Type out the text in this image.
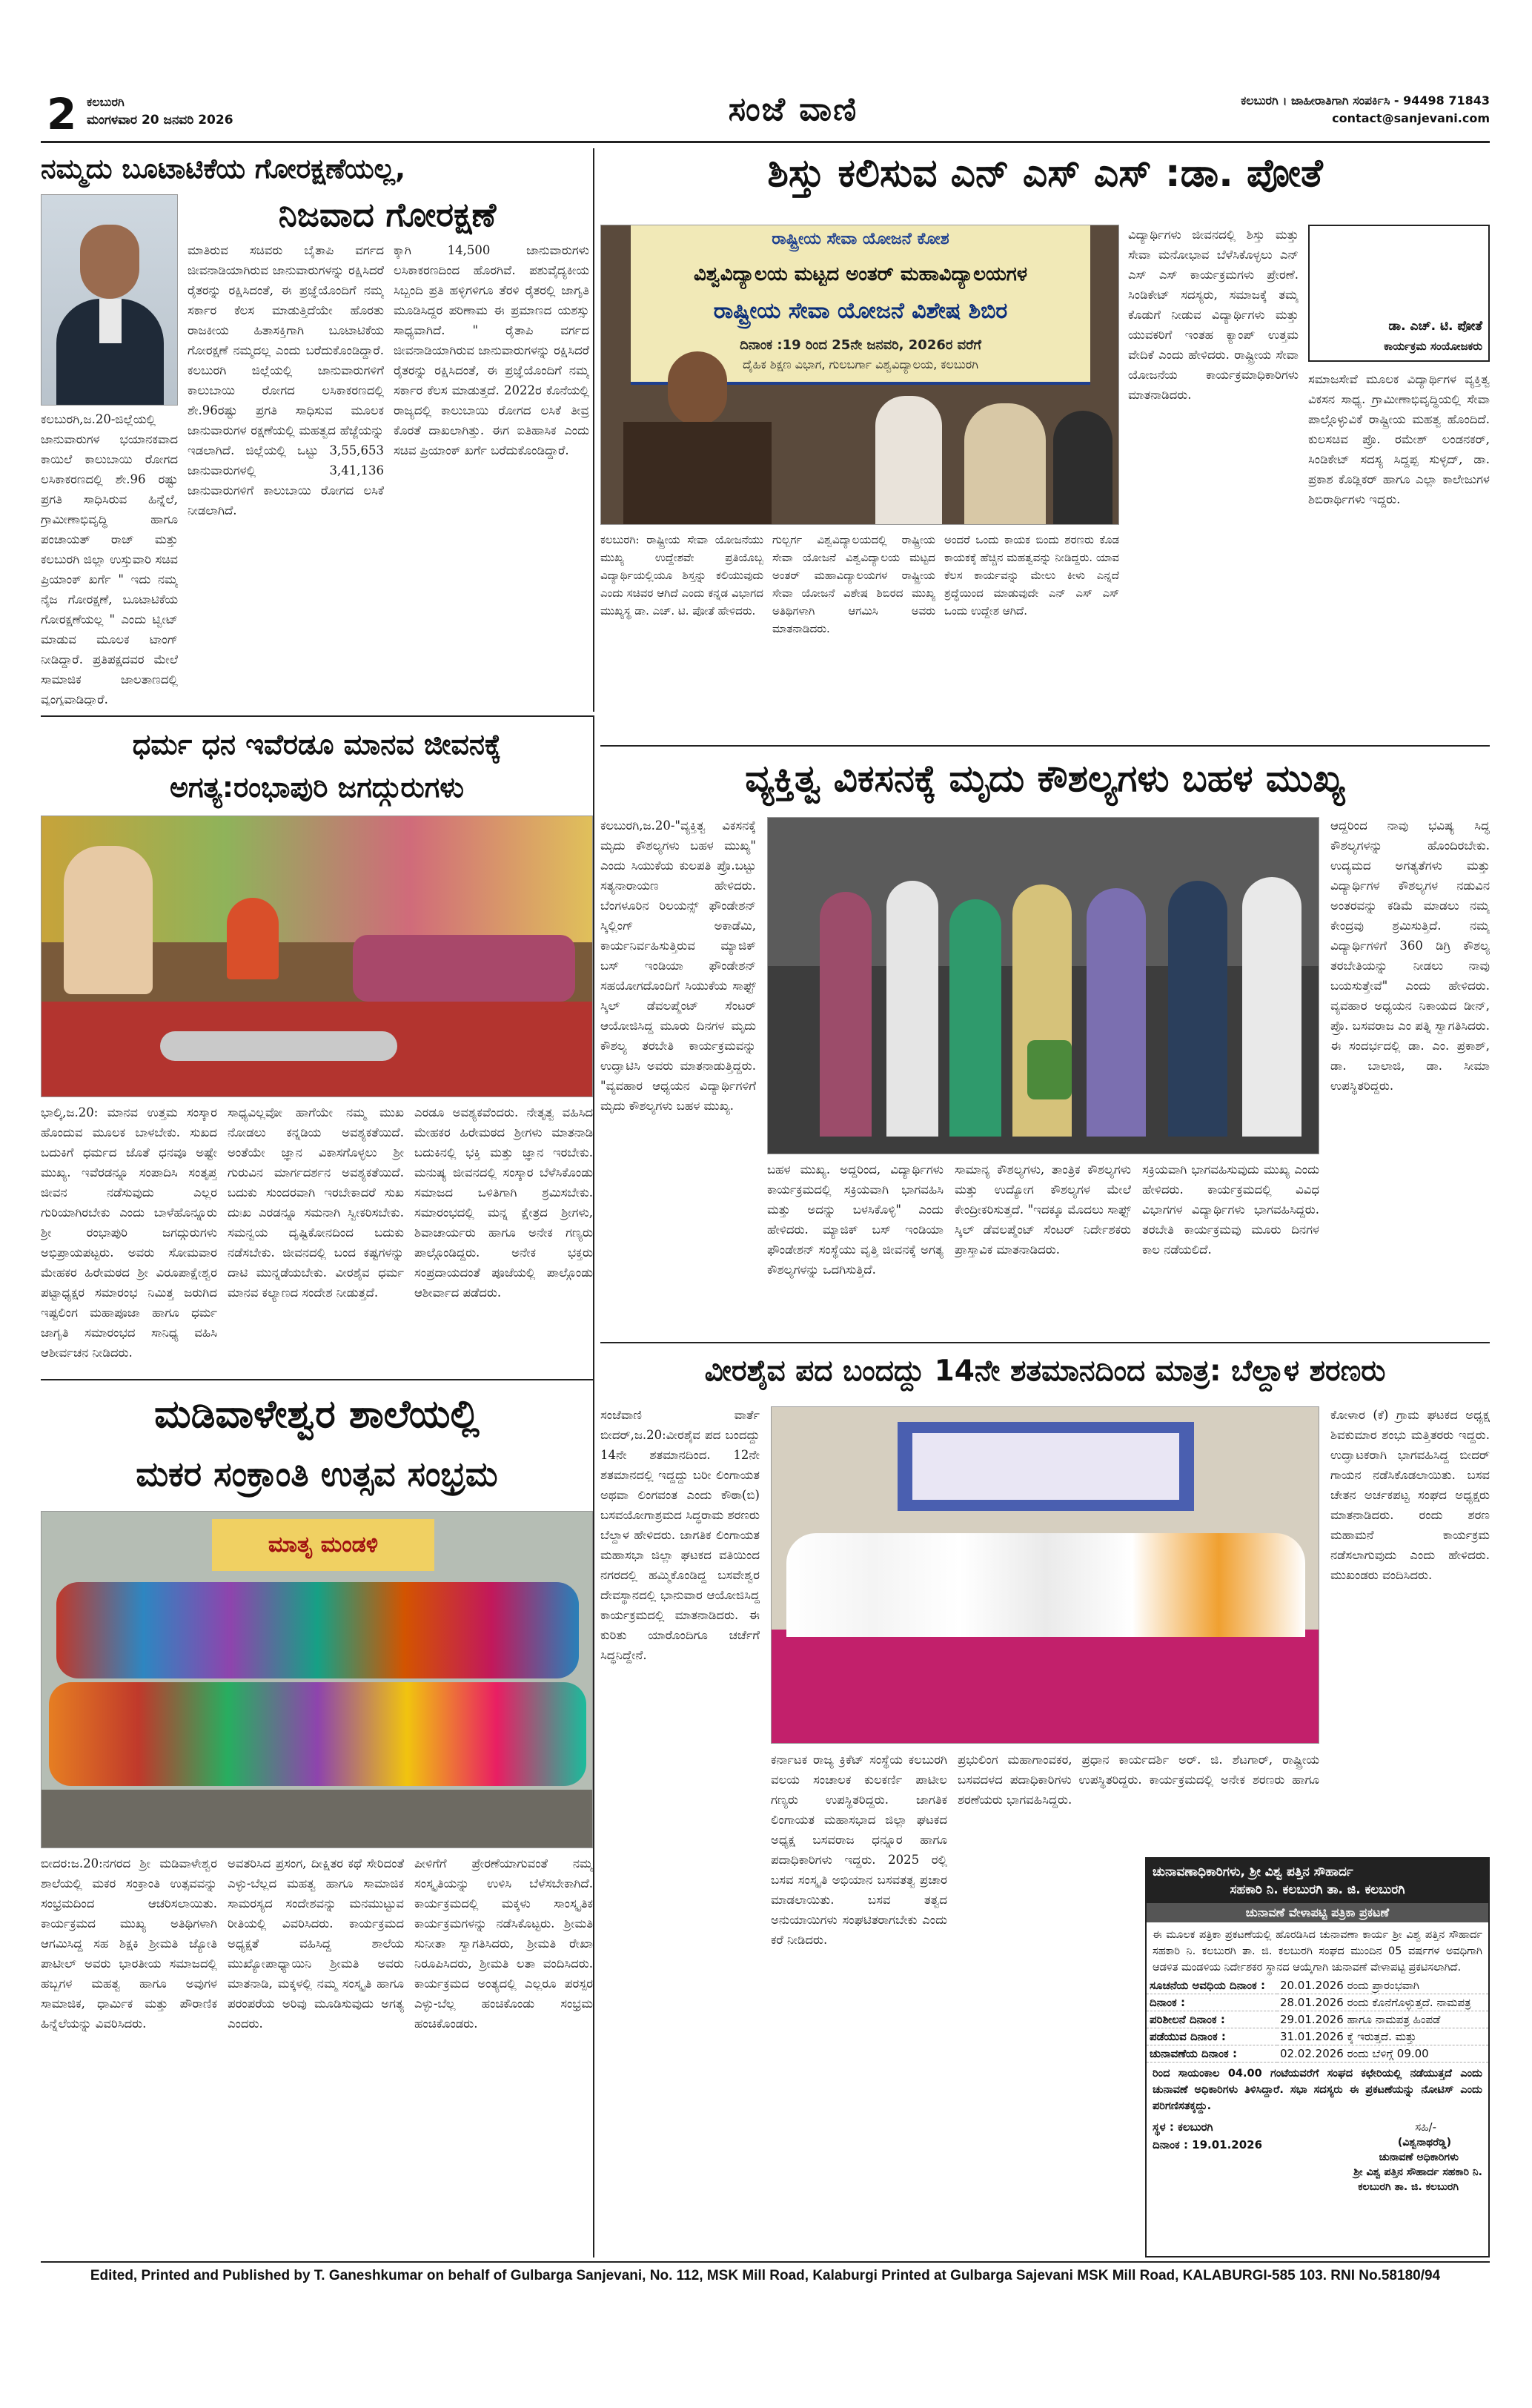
2 ಕಲಬುರಗಿ
ಮಂಗಳವಾರ 20 ಜನವರಿ 2026	ಸಂಜೆ ವಾಣಿ	ಕಲಬುರಗಿ । ಜಾಹೀರಾತಿಗಾಗಿ ಸಂಪರ್ಕಿಸಿ - 94498 71843
contact@sanjevani.com
ನಮ್ಮದು ಬೂಟಾಟಿಕೆಯ ಗೋರಕ್ಷಣೆಯಲ್ಲ,
ನಿಜವಾದ ಗೋರಕ್ಷಣೆ
ಕಲಬುರಗಿ,ಜ.20-ಜಿಲ್ಲೆಯಲ್ಲಿ ಜಾನುವಾರುಗಳ ಭಯಾನಕವಾದ ಕಾಯಿಲೆ ಕಾಲುಬಾಯಿ ರೋಗದ ಲಸಿಕಾಕರಣದಲ್ಲಿ ಶೇ.96 ರಷ್ಟು ಪ್ರಗತಿ ಸಾಧಿಸಿರುವ ಹಿನ್ನೆಲೆ, ಗ್ರಾಮೀಣಾಭಿವೃದ್ಧಿ ಹಾಗೂ ಪಂಚಾಯತ್ ರಾಜ್ ಮತ್ತು ಕಲಬುರಗಿ ಜಿಲ್ಲಾ ಉಸ್ತುವಾರಿ ಸಚಿವ ಪ್ರಿಯಾಂಕ್ ಖರ್ಗೆ " ಇದು ನಮ್ಮ ನೈಜ ಗೋರಕ್ಷಣೆ, ಬೂಟಾಟಿಕೆಯ ಗೋರಕ್ಷಣೆಯಲ್ಲ " ಎಂದು ಟ್ವೀಟ್ ಮಾಡುವ ಮೂಲಕ ಟಾಂಗ್ ನೀಡಿದ್ದಾರೆ. ಪ್ರತಿಪಕ್ಷದವರ ಮೇಲೆ ಸಾಮಾಜಿಕ ಜಾಲತಾಣದಲ್ಲಿ ವ್ಯಂಗ್ಯವಾಡಿದ್ದಾರೆ.
ಮಾತಿರುವ ಸಚಿವರು ಬೈತಾಪಿ ವರ್ಗದ ಜೀವನಾಡಿಯಾಗಿರುವ ಜಾನುವಾರುಗಳನ್ನು ರಕ್ಷಿಸಿದರೆ ರೈತರನ್ನು ರಕ್ಷಿಸಿದಂತೆ, ಈ ಪ್ರಜ್ಞೆಯೊಂದಿಗೆ ನಮ್ಮ ಸರ್ಕಾರ ಕೆಲಸ ಮಾಡುತ್ತಿದೆಯೇ ಹೊರತು ರಾಜಕೀಯ ಹಿತಾಸಕ್ತಿಗಾಗಿ ಬೂಟಾಟಿಕೆಯ ಗೋರಕ್ಷಣೆ ನಮ್ಮದಲ್ಲ ಎಂದು ಬರೆದುಕೊಂಡಿದ್ದಾರೆ. ಕಲಬುರಗಿ ಜಿಲ್ಲೆಯಲ್ಲಿ ಜಾನುವಾರುಗಳಿಗೆ ಕಾಲುಬಾಯಿ ರೋಗದ ಲಸಿಕಾಕರಣದಲ್ಲಿ ಶೇ.96ರಷ್ಟು ಪ್ರಗತಿ ಸಾಧಿಸುವ ಮೂಲಕ ಜಾನುವಾರುಗಳ ರಕ್ಷಣೆಯಲ್ಲಿ ಮಹತ್ವದ ಹೆಜ್ಜೆಯನ್ನು ಇಡಲಾಗಿದೆ. ಜಿಲ್ಲೆಯಲ್ಲಿ ಒಟ್ಟು 3,55,653 ಜಾನುವಾರುಗಳಲ್ಲಿ 3,41,136 ಜಾನುವಾರುಗಳಿಗೆ ಕಾಲುಬಾಯಿ ರೋಗದ ಲಸಿಕೆ ನೀಡಲಾಗಿದೆ.
ಕ್ಕಾಗಿ 14,500 ಜಾನುವಾರುಗಳು ಲಸಿಕಾಕರಣದಿಂದ ಹೊರಗಿವೆ. ಪಶುವೈದ್ಯಕೀಯ ಸಿಬ್ಬಂದಿ ಪ್ರತಿ ಹಳ್ಳಿಗಳಿಗೂ ತೆರಳಿ ರೈತರಲ್ಲಿ ಜಾಗೃತಿ ಮೂಡಿಸಿದ್ದರ ಪರಿಣಾಮ ಈ ಪ್ರಮಾಣದ ಯಶಸ್ಸು ಸಾಧ್ಯವಾಗಿದೆ. " ರೈತಾಪಿ ವರ್ಗದ ಜೀವನಾಡಿಯಾಗಿರುವ ಜಾನುವಾರುಗಳನ್ನು ರಕ್ಷಿಸಿದರೆ ರೈತರನ್ನು ರಕ್ಷಿಸಿದಂತೆ, ಈ ಪ್ರಜ್ಞೆಯೊಂದಿಗೆ ನಮ್ಮ ಸರ್ಕಾರ ಕೆಲಸ ಮಾಡುತ್ತದೆ. 2022ರ ಕೊನೆಯಲ್ಲಿ ರಾಜ್ಯದಲ್ಲಿ ಕಾಲುಬಾಯಿ ರೋಗದ ಲಸಿಕೆ ತೀವ್ರ ಕೊರತೆ ದಾಖಲಾಗಿತ್ತು. ಈಗ ಐತಿಹಾಸಿಕ ಎಂದು ಸಚಿವ ಪ್ರಿಯಾಂಕ್ ಖರ್ಗೆ ಬರೆದುಕೊಂಡಿದ್ದಾರೆ.
ಶಿಸ್ತು ಕಲಿಸುವ ಎನ್ ಎಸ್ ಎಸ್ :ಡಾ. ಪೋತೆ
ರಾಷ್ಟ್ರೀಯ ಸೇವಾ ಯೋಜನೆ ಕೋಶ
ವಿಶ್ವವಿದ್ಯಾಲಯ ಮಟ್ಟದ ಅಂತರ್ ಮಹಾವಿದ್ಯಾಲಯಗಳ
ರಾಷ್ಟ್ರೀಯ ಸೇವಾ ಯೋಜನೆ ವಿಶೇಷ ಶಿಬಿರ
ದಿನಾಂಕ :19 ರಿಂದ 25ನೇ ಜನವರಿ, 2026ರ ವರೆಗೆ
ದೈಹಿಕ ಶಿಕ್ಷಣ ವಿಭಾಗ, ಗುಲಬರ್ಗಾ ವಿಶ್ವವಿದ್ಯಾಲಯ, ಕಲಬುರಗಿ
ಕಲಬುರಗಿ: ರಾಷ್ಟ್ರೀಯ ಸೇವಾ ಯೋಜನೆಯು ಮುಖ್ಯ ಉದ್ದೇಶವೇ ಪ್ರತಿಯೊಬ್ಬ ವಿದ್ಯಾರ್ಥಿಯಲ್ಲಿಯೂ ಶಿಸ್ತನ್ನು ಕಲಿಯುವುದು ಎಂದು ಸಚಿವರ ಆಗಿದೆ ಎಂದು ಕನ್ನಡ ವಿಭಾಗದ ಮುಖ್ಯಸ್ಥ ಡಾ. ಎಚ್. ಟಿ. ಪೋತೆ ಹೇಳಿದರು.
ಗುಲ್ಬರ್ಗ ವಿಶ್ವವಿದ್ಯಾಲಯದಲ್ಲಿ ರಾಷ್ಟ್ರೀಯ ಸೇವಾ ಯೋಜನೆ ವಿಶ್ವವಿದ್ಯಾಲಯ ಮಟ್ಟದ ಅಂತರ್ ಮಹಾವಿದ್ಯಾಲಯಗಳ ರಾಷ್ಟ್ರೀಯ ಸೇವಾ ಯೋಜನೆ ವಿಶೇಷ ಶಿಬಿರದ ಮುಖ್ಯ ಅತಿಥಿಗಳಾಗಿ ಆಗಮಿಸಿ ಅವರು ಮಾತನಾಡಿದರು.
ಅಂದರೆ ಒಂದು ಕಾಯಕ ಬಿಂದು ಶರಣರು ಕೊಡ ಕಾಯಕಕ್ಕೆ ಹೆಚ್ಚಿನ ಮಹತ್ವವನ್ನು ನೀಡಿದ್ದರು. ಯಾವ ಕೆಲಸ ಕಾರ್ಯವನ್ನು ಮೇಲು ಕೀಳು ಎನ್ನದೆ ಶ್ರದ್ಧೆಯಿಂದ ಮಾಡುವುದೇ ಎನ್ ಎಸ್ ಎಸ್ ಒಂದು ಉದ್ದೇಶ ಆಗಿದೆ.
ವಿದ್ಯಾರ್ಥಿಗಳು ಜೀವನದಲ್ಲಿ ಶಿಸ್ತು ಮತ್ತು ಸೇವಾ ಮನೋಭಾವ ಬೆಳೆಸಿಕೊಳ್ಳಲು ಎನ್ ಎಸ್ ಎಸ್ ಕಾರ್ಯಕ್ರಮಗಳು ಪ್ರೇರಣೆ. ಸಿಂಡಿಕೇಟ್ ಸದಸ್ಯರು, ಸಮಾಜಕ್ಕೆ ತಮ್ಮ ಕೊಡುಗೆ ನೀಡುವ ವಿದ್ಯಾರ್ಥಿಗಳು ಮತ್ತು ಯುವಕರಿಗೆ ಇಂತಹ ಕ್ಯಾಂಪ್ ಉತ್ತಮ ವೇದಿಕೆ ಎಂದು ಹೇಳಿದರು. ರಾಷ್ಟ್ರೀಯ ಸೇವಾ ಯೋಜನೆಯ ಕಾರ್ಯಕ್ರಮಾಧಿಕಾರಿಗಳು ಮಾತನಾಡಿದರು.
ಸಮಾಜಸೇವೆ ಮೂಲಕ ವಿದ್ಯಾರ್ಥಿಗಳ ವ್ಯಕ್ತಿತ್ವ ವಿಕಸನ ಸಾಧ್ಯ. ಗ್ರಾಮೀಣಾಭಿವೃದ್ಧಿಯಲ್ಲಿ ಸೇವಾ ಪಾಲ್ಗೊಳ್ಳುವಿಕೆ ರಾಷ್ಟ್ರೀಯ ಮಹತ್ವ ಹೊಂದಿದೆ. ಕುಲಸಚಿವ ಪ್ರೊ. ರಮೇಶ್ ಲಂಡನಕರ್, ಸಿಂಡಿಕೇಟ್ ಸದಸ್ಯ ಸಿದ್ದಪ್ಪ ಸುಳ್ಳದ್, ಡಾ. ಪ್ರಕಾಶ ಕೊಡ್ಲಿಕರ್ ಹಾಗೂ ಎಲ್ಲಾ ಕಾಲೇಜುಗಳ ಶಿಬಿರಾರ್ಥಿಗಳು ಇದ್ದರು.
ಡಾ. ಎಚ್. ಟಿ. ಪೋತೆ
ಕಾರ್ಯಕ್ರಮ ಸಂಯೋಜಕರು
ಧರ್ಮ ಧನ ಇವೆರಡೂ ಮಾನವ ಜೀವನಕ್ಕೆ
ಅಗತ್ಯ:ರಂಭಾಪುರಿ ಜಗದ್ಗುರುಗಳು
ಭಾಲ್ಕಿ,ಜ.20: ಮಾನವ ಉತ್ತಮ ಸಂಸ್ಕಾರ ಹೊಂದುವ ಮೂಲಕ ಬಾಳಬೇಕು. ಸುಖದ ಬದುಕಿಗೆ ಧರ್ಮದ ಜೊತೆ ಧನವೂ ಅಷ್ಟೇ ಮುಖ್ಯ. ಇವೆರಡನ್ನೂ ಸಂಪಾದಿಸಿ ಸಂತೃಪ್ತ ಜೀವನ ನಡೆಸುವುದು ಎಲ್ಲರ ಗುರಿಯಾಗಿರಬೇಕು ಎಂದು ಬಾಳೆಹೊನ್ನೂರು ಶ್ರೀ ರಂಭಾಪುರಿ ಜಗದ್ಗುರುಗಳು ಅಭಿಪ್ರಾಯಪಟ್ಟರು. ಅವರು ಸೋಮವಾರ ಮೇಹಕರ ಹಿರೇಮಠದ ಶ್ರೀ ವಿರೂಪಾಕ್ಷೇಶ್ವರ ಪಟ್ಟಾಧ್ಯಕ್ಷರ ಸಮಾರಂಭ ನಿಮಿತ್ತ ಜರುಗಿದ ಇಷ್ಟಲಿಂಗ ಮಹಾಪೂಜಾ ಹಾಗೂ ಧರ್ಮ ಜಾಗೃತಿ ಸಮಾರಂಭದ ಸಾನಿಧ್ಯ ವಹಿಸಿ ಆಶೀರ್ವಚನ ನೀಡಿದರು.
ಸಾಧ್ಯವಿಲ್ಲವೋ ಹಾಗೆಯೇ ನಮ್ಮ ಮುಖ ನೋಡಲು ಕನ್ನಡಿಯ ಅವಶ್ಯಕತೆಯಿದೆ. ಅಂತೆಯೇ ಜ್ಞಾನ ವಿಕಾಸಗೊಳ್ಳಲು ಶ್ರೀ ಗುರುವಿನ ಮಾರ್ಗದರ್ಶನ ಅವಶ್ಯಕತೆಯಿದೆ. ಬದುಕು ಸುಂದರವಾಗಿ ಇರಬೇಕಾದರೆ ಸುಖ ದುಃಖ ಎರಡನ್ನೂ ಸಮನಾಗಿ ಸ್ವೀಕರಿಸಬೇಕು. ಸಮನ್ವಯ ದೃಷ್ಟಿಕೋನದಿಂದ ಬದುಕು ನಡೆಸಬೇಕು. ಜೀವನದಲ್ಲಿ ಬಂದ ಕಷ್ಟಗಳನ್ನು ದಾಟಿ ಮುನ್ನಡೆಯಬೇಕು. ವೀರಶೈವ ಧರ್ಮ ಮಾನವ ಕಲ್ಯಾಣದ ಸಂದೇಶ ನೀಡುತ್ತದೆ.
ಎರಡೂ ಅವಶ್ಯಕವೆಂದರು. ನೇತೃತ್ವ ವಹಿಸಿದ ಮೇಹಕರ ಹಿರೇಮಠದ ಶ್ರೀಗಳು ಮಾತನಾಡಿ ಬದುಕಿನಲ್ಲಿ ಭಕ್ತಿ ಮತ್ತು ಜ್ಞಾನ ಇರಬೇಕು. ಮನುಷ್ಯ ಜೀವನದಲ್ಲಿ ಸಂಸ್ಕಾರ ಬೆಳೆಸಿಕೊಂಡು ಸಮಾಜದ ಒಳಿತಿಗಾಗಿ ಶ್ರಮಿಸಬೇಕು. ಸಮಾರಂಭದಲ್ಲಿ ಮನ್ನ ಕ್ಷೇತ್ರದ ಶ್ರೀಗಳು, ಶಿವಾಚಾರ್ಯರು ಹಾಗೂ ಅನೇಕ ಗಣ್ಯರು ಪಾಲ್ಗೊಂಡಿದ್ದರು. ಅನೇಕ ಭಕ್ತರು ಸಂಪ್ರದಾಯದಂತೆ ಪೂಜೆಯಲ್ಲಿ ಪಾಲ್ಗೊಂಡು ಆಶೀರ್ವಾದ ಪಡೆದರು.
ಮಡಿವಾಳೇಶ್ವರ ಶಾಲೆಯಲ್ಲಿ
ಮಕರ ಸಂಕ್ರಾಂತಿ ಉತ್ಸವ ಸಂಭ್ರಮ
ಮಾತೃ ಮಂಡಳಿ
ಬೀದರ:ಜ.20:ನಗರದ ಶ್ರೀ ಮಡಿವಾಳೇಶ್ವರ ಶಾಲೆಯಲ್ಲಿ ಮಕರ ಸಂಕ್ರಾಂತಿ ಉತ್ಸವವನ್ನು ಸಂಭ್ರಮದಿಂದ ಆಚರಿಸಲಾಯಿತು. ಕಾರ್ಯಕ್ರಮದ ಮುಖ್ಯ ಅತಿಥಿಗಳಾಗಿ ಆಗಮಿಸಿದ್ದ ಸಹ ಶಿಕ್ಷಕಿ ಶ್ರೀಮತಿ ಜ್ಯೋತಿ ಪಾಟೀಲ್ ಅವರು ಭಾರತೀಯ ಸಮಾಜದಲ್ಲಿ ಹಬ್ಬಗಳ ಮಹತ್ವ ಹಾಗೂ ಅವುಗಳ ಸಾಮಾಜಿಕ, ಧಾರ್ಮಿಕ ಮತ್ತು ಪೌರಾಣಿಕ ಹಿನ್ನೆಲೆಯನ್ನು ವಿವರಿಸಿದರು.
ಅವತರಿಸಿದ ಪ್ರಸಂಗ, ದೀಕ್ಷಿತರ ಕಥೆ ಸೇರಿದಂತೆ ಎಳ್ಳು-ಬೆಲ್ಲದ ಮಹತ್ವ ಹಾಗೂ ಸಾಮಾಜಿಕ ಸಾಮರಸ್ಯದ ಸಂದೇಶವನ್ನು ಮನಮುಟ್ಟುವ ರೀತಿಯಲ್ಲಿ ವಿವರಿಸಿದರು. ಕಾರ್ಯಕ್ರಮದ ಅಧ್ಯಕ್ಷತೆ ವಹಿಸಿದ್ದ ಶಾಲೆಯ ಮುಖ್ಯೋಪಾಧ್ಯಾಯಿನಿ ಶ್ರೀಮತಿ ಅವರು ಮಾತನಾಡಿ, ಮಕ್ಕಳಲ್ಲಿ ನಮ್ಮ ಸಂಸ್ಕೃತಿ ಹಾಗೂ ಪರಂಪರೆಯ ಅರಿವು ಮೂಡಿಸುವುದು ಅಗತ್ಯ ಎಂದರು.
ಪೀಳಿಗೆಗೆ ಪ್ರೇರಣೆಯಾಗುವಂತೆ ನಮ್ಮ ಸಂಸ್ಕೃತಿಯನ್ನು ಉಳಿಸಿ ಬೆಳೆಸಬೇಕಾಗಿದೆ. ಕಾರ್ಯಕ್ರಮದಲ್ಲಿ ಮಕ್ಕಳು ಸಾಂಸ್ಕೃತಿಕ ಕಾರ್ಯಕ್ರಮಗಳನ್ನು ನಡೆಸಿಕೊಟ್ಟರು. ಶ್ರೀಮತಿ ಸುನೀತಾ ಸ್ವಾಗತಿಸಿದರು, ಶ್ರೀಮತಿ ರೇಖಾ ನಿರೂಪಿಸಿದರು, ಶ್ರೀಮತಿ ಲತಾ ವಂದಿಸಿದರು. ಕಾರ್ಯಕ್ರಮದ ಅಂತ್ಯದಲ್ಲಿ ಎಲ್ಲರೂ ಪರಸ್ಪರ ಎಳ್ಳು-ಬೆಲ್ಲ ಹಂಚಿಕೊಂಡು ಸಂಭ್ರಮ ಹಂಚಿಕೊಂಡರು.
ವ್ಯಕ್ತಿತ್ವ ವಿಕಸನಕ್ಕೆ ಮೃದು ಕೌಶಲ್ಯಗಳು ಬಹಳ ಮುಖ್ಯ
ಕಲಬುರಗಿ,ಜ.20-"ವ್ಯಕ್ತಿತ್ವ ವಿಕಸನಕ್ಕೆ ಮೃದು ಕೌಶಲ್ಯಗಳು ಬಹಳ ಮುಖ್ಯ" ಎಂದು ಸಿಯುಕೆಯ ಕುಲಪತಿ ಪ್ರೊ.ಬಟ್ಟು ಸತ್ಯನಾರಾಯಣ ಹೇಳಿದರು. ಬೆಂಗಳೂರಿನ ರಿಲಯನ್ಸ್ ಫೌಂಡೇಶನ್ ಸ್ಕಿಲ್ಲಿಂಗ್ ಅಕಾಡೆಮಿ, ಕಾರ್ಯನಿರ್ವಹಿಸುತ್ತಿರುವ ಮ್ಯಾಜಿಕ್ ಬಸ್ ಇಂಡಿಯಾ ಫೌಂಡೇಶನ್ ಸಹಯೋಗದೊಂದಿಗೆ ಸಿಯುಕೆಯ ಸಾಫ್ಟ್ ಸ್ಕಿಲ್ ಡೆವಲಪ್ಮೆಂಟ್ ಸೆಂಟರ್ ಆಯೋಜಿಸಿದ್ದ ಮೂರು ದಿನಗಳ ಮೃದು ಕೌಶಲ್ಯ ತರಬೇತಿ ಕಾರ್ಯಕ್ರಮವನ್ನು ಉದ್ಘಾಟಿಸಿ ಅವರು ಮಾತನಾಡುತ್ತಿದ್ದರು. "ವ್ಯವಹಾರ ಆಧ್ಯಯನ ವಿದ್ಯಾರ್ಥಿಗಳಿಗೆ ಮೃದು ಕೌಶಲ್ಯಗಳು ಬಹಳ ಮುಖ್ಯ.
ಆದ್ದರಿಂದ ನಾವು ಭವಿಷ್ಯ ಸಿದ್ಧ ಕೌಶಲ್ಯಗಳನ್ನು ಹೊಂದಿರಬೇಕು. ಉದ್ಯಮದ ಅಗತ್ಯತೆಗಳು ಮತ್ತು ವಿದ್ಯಾರ್ಥಿಗಳ ಕೌಶಲ್ಯಗಳ ನಡುವಿನ ಅಂತರವನ್ನು ಕಡಿಮೆ ಮಾಡಲು ನಮ್ಮ ಕೇಂದ್ರವು ಶ್ರಮಿಸುತ್ತಿದೆ. ನಮ್ಮ ವಿದ್ಯಾರ್ಥಿಗಳಿಗೆ 360 ಡಿಗ್ರಿ ಕೌಶಲ್ಯ ತರಬೇತಿಯನ್ನು ನೀಡಲು ನಾವು ಬಯಸುತ್ತೇವೆ" ಎಂದು ಹೇಳಿದರು. ವ್ಯವಹಾರ ಅಧ್ಯಯನ ನಿಕಾಯದ ಡೀನ್, ಪ್ರೊ. ಬಸವರಾಜ ಎಂ ಪತ್ನಿ ಸ್ವಾಗತಿಸಿದರು. ಈ ಸಂದರ್ಭದಲ್ಲಿ ಡಾ. ಎಂ. ಪ್ರಕಾಶ್, ಡಾ. ಬಾಲಾಜಿ, ಡಾ. ಸೀಮಾ ಉಪಸ್ಥಿತರಿದ್ದರು.
ಬಹಳ ಮುಖ್ಯ. ಅದ್ದರಿಂದ, ವಿದ್ಯಾರ್ಥಿಗಳು ಕಾರ್ಯಕ್ರಮದಲ್ಲಿ ಸಕ್ರಿಯವಾಗಿ ಭಾಗವಹಿಸಿ ಮತ್ತು ಅದನ್ನು ಬಳಸಿಕೊಳ್ಳಿ" ಎಂದು ಹೇಳಿದರು. ಮ್ಯಾಜಿಕ್ ಬಸ್ ಇಂಡಿಯಾ ಫೌಂಡೇಶನ್ ಸಂಸ್ಥೆಯು ವೃತ್ತಿ ಜೀವನಕ್ಕೆ ಅಗತ್ಯ ಕೌಶಲ್ಯಗಳನ್ನು ಒದಗಿಸುತ್ತಿದೆ.
ಸಾಮಾನ್ಯ ಕೌಶಲ್ಯಗಳು, ತಾಂತ್ರಿಕ ಕೌಶಲ್ಯಗಳು ಮತ್ತು ಉದ್ಯೋಗ ಕೌಶಲ್ಯಗಳ ಮೇಲೆ ಕೇಂದ್ರೀಕರಿಸುತ್ತದೆ. "ಇದಕ್ಕೂ ಮೊದಲು ಸಾಫ್ಟ್ ಸ್ಕಿಲ್ ಡೆವಲಪ್ಮೆಂಟ್ ಸೆಂಟರ್ ನಿರ್ದೇಶಕರು ಪ್ರಾಸ್ತಾವಿಕ ಮಾತನಾಡಿದರು.
ಸಕ್ರಿಯವಾಗಿ ಭಾಗವಹಿಸುವುದು ಮುಖ್ಯ ಎಂದು ಹೇಳಿದರು. ಕಾರ್ಯಕ್ರಮದಲ್ಲಿ ವಿವಿಧ ವಿಭಾಗಗಳ ವಿದ್ಯಾರ್ಥಿಗಳು ಭಾಗವಹಿಸಿದ್ದರು. ತರಬೇತಿ ಕಾರ್ಯಕ್ರಮವು ಮೂರು ದಿನಗಳ ಕಾಲ ನಡೆಯಲಿದೆ.
ವೀರಶೈವ ಪದ ಬಂದದ್ದು 14ನೇ ಶತಮಾನದಿಂದ ಮಾತ್ರ: ಬೆಲ್ದಾಳ ಶರಣರು
ಸಂಜೆವಾಣಿ ವಾರ್ತೆ ಬೀದರ್,ಜ.20:ವೀರಶೈವ ಪದ ಬಂದದ್ದು 14ನೇ ಶತಮಾನದಿಂದ. 12ನೇ ಶತಮಾನದಲ್ಲಿ ಇದ್ದದ್ದು ಬರೀ ಲಿಂಗಾಯತ ಅಥವಾ ಲಿಂಗವಂತ ಎಂದು ಕೌಠಾ(ಬಿ) ಬಸವಯೋಗಾಶ್ರಮದ ಸಿದ್ಧರಾಮ ಶರಣರು ಬೆಲ್ದಾಳ ಹೇಳಿದರು. ಜಾಗತಿಕ ಲಿಂಗಾಯತ ಮಹಾಸಭಾ ಜಿಲ್ಲಾ ಘಟಕದ ವತಿಯಿಂದ ನಗರದಲ್ಲಿ ಹಮ್ಮಿಕೊಂಡಿದ್ದ ಬಸವೇಶ್ವರ ದೇವಸ್ಥಾನದಲ್ಲಿ ಭಾನುವಾರ ಆಯೋಜಿಸಿದ್ದ ಕಾರ್ಯಕ್ರಮದಲ್ಲಿ ಮಾತನಾಡಿದರು. ಈ ಕುರಿತು ಯಾರೊಂದಿಗೂ ಚರ್ಚೆಗೆ ಸಿದ್ಧನಿದ್ದೇನೆ.
ಕರ್ನಾಟಕ ರಾಜ್ಯ ಕ್ರಿಕೆಟ್ ಸಂಸ್ಥೆಯ ಕಲಬುರಗಿ ವಲಯ ಸಂಚಾಲಕ ಕುಲಕರ್ಣಿ ಪಾಟೀಲ ಗಣ್ಯರು ಉಪಸ್ಥಿತರಿದ್ದರು. ಜಾಗತಿಕ ಲಿಂಗಾಯತ ಮಹಾಸಭಾದ ಜಿಲ್ಲಾ ಘಟಕದ ಅಧ್ಯಕ್ಷ ಬಸವರಾಜ ಧನ್ನೂರ ಹಾಗೂ ಪದಾಧಿಕಾರಿಗಳು ಇದ್ದರು. 2025 ರಲ್ಲಿ ಬಸವ ಸಂಸ್ಕೃತಿ ಅಭಿಯಾನ ಬಸವತತ್ವ ಪ್ರಚಾರ ಮಾಡಲಾಯಿತು. ಬಸವ ತತ್ವದ ಅನುಯಾಯಿಗಳು ಸಂಘಟಿತರಾಗಬೇಕು ಎಂದು ಕರೆ ನೀಡಿದರು.
ಪ್ರಭುಲಿಂಗ ಮಹಾಗಾಂವಕರ, ಪ್ರಧಾನ ಕಾರ್ಯದರ್ಶಿ ಅರ್. ಜಿ. ಶೆಟಗಾರ್, ರಾಷ್ಟ್ರೀಯ ಬಸವದಳದ ಪದಾಧಿಕಾರಿಗಳು ಉಪಸ್ಥಿತರಿದ್ದರು. ಕಾರ್ಯಕ್ರಮದಲ್ಲಿ ಅನೇಕ ಶರಣರು ಹಾಗೂ ಶರಣೆಯರು ಭಾಗವಹಿಸಿದ್ದರು.
ಕೋಳಾರ (ಕೆ) ಗ್ರಾಮ ಘಟಕದ ಅಧ್ಯಕ್ಷ ಶಿವಕುಮಾರ ಶಂಭು ಮತ್ತಿತರರು ಇದ್ದರು. ಉದ್ಘಾಟಕರಾಗಿ ಭಾಗವಹಿಸಿದ್ದ ಬೀದರ್ ಗಾಯನ ನಡೆಸಿಕೊಡಲಾಯಿತು. ಬಸವ ಚೇತನ ಅರ್ಚಕಪಟ್ಟ ಸಂಘದ ಅಧ್ಯಕ್ಷರು ಮಾತನಾಡಿದರು. ರಂದು ಶರಣ ಮಹಾಮನೆ ಕಾರ್ಯಕ್ರಮ ನಡೆಸಲಾಗುವುದು ಎಂದು ಹೇಳಿದರು. ಮುಖಂಡರು ವಂದಿಸಿದರು.
ಚುನಾವಣಾಧಿಕಾರಿಗಳು, ಶ್ರೀ ವಿಶ್ವ ಪತ್ತಿನ ಸೌಹಾರ್ದ
ಸಹಕಾರಿ ನಿ. ಕಲಬುರಗಿ ತಾ. ಜಿ. ಕಲಬುರಗಿ
ಚುನಾವಣೆ ವೇಳಾಪಟ್ಟಿ ಪತ್ರಿಕಾ ಪ್ರಕಟಣೆ
ಈ ಮೂಲಕ ಪತ್ರಿಕಾ ಪ್ರಕಟಣೆಯಲ್ಲಿ ಹೊರಡಿಸಿದ ಚುನಾವಣಾ ಕಾರ್ಯ ಶ್ರೀ ವಿಶ್ವ ಪತ್ತಿನ ಸೌಹಾರ್ದ ಸಹಕಾರಿ ನಿ. ಕಲಬುರಗಿ ತಾ. ಜಿ. ಕಲಬುರಗಿ ಸಂಘದ ಮುಂದಿನ 05 ವರ್ಷಗಳ ಅವಧಿಗಾಗಿ ಆಡಳಿತ ಮಂಡಳಿಯ ನಿರ್ದೇಶಕರ ಸ್ಥಾನದ ಆಯ್ಕೆಗಾಗಿ ಚುನಾವಣೆ ವೇಳಾಪಟ್ಟಿ ಪ್ರಕಟಿಸಲಾಗಿದೆ.
ಸೂಚನೆಯ ಅವಧಿಯ ದಿನಾಂಕ :	20.01.2026 ರಂದು ಪ್ರಾರಂಭವಾಗಿ
ದಿನಾಂಕ :	28.01.2026 ರಂದು ಕೊನೆಗೊಳ್ಳುತ್ತದೆ. ನಾಮಪತ್ರ
ಪರಿಶೀಲನೆ ದಿನಾಂಕ :	29.01.2026 ಹಾಗೂ ನಾಮಪತ್ರ ಹಿಂಪಡೆ
ಪಡೆಯುವ ದಿನಾಂಕ :	31.01.2026 ಕ್ಕೆ ಇರುತ್ತದೆ. ಮತ್ತು
ಚುನಾವಣೆಯ ದಿನಾಂಕ :	02.02.2026 ರಂದು ಬೆಳಿಗ್ಗೆ 09.00
ರಿಂದ ಸಾಯಂಕಾಲ 04.00 ಗಂಟೆಯವರೆಗೆ ಸಂಘದ ಕಛೇರಿಯಲ್ಲಿ ನಡೆಯುತ್ತದೆ ಎಂದು ಚುನಾವಣೆ ಅಧಿಕಾರಿಗಳು ತಿಳಿಸಿದ್ದಾರೆ. ಸಭಾ ಸದಸ್ಯರು ಈ ಪ್ರಕಟಣೆಯನ್ನು ನೋಟಿಸ್ ಎಂದು ಪರಿಗಣಿಸತಕ್ಕದ್ದು.
ಸ್ಥಳ : ಕಲಬುರಗಿ
ದಿನಾಂಕ : 19.01.2026
ಸಹಿ/-
(ವಿಶ್ವನಾಥರೆಡ್ಡಿ)
ಚುನಾವಣೆ ಅಧಿಕಾರಿಗಳು
ಶ್ರೀ ವಿಶ್ವ ಪತ್ತಿನ ಸೌಹಾರ್ದ ಸಹಕಾರಿ ನಿ.
ಕಲಬುರಗಿ ತಾ. ಜಿ. ಕಲಬುರಗಿ
Edited, Printed and Published by T. Ganeshkumar on behalf of Gulbarga Sanjevani, No. 112, MSK Mill Road, Kalaburgi Printed at Gulbarga Sajevani MSK Mill Road, KALABURGI-585 103. RNI No.58180/94
